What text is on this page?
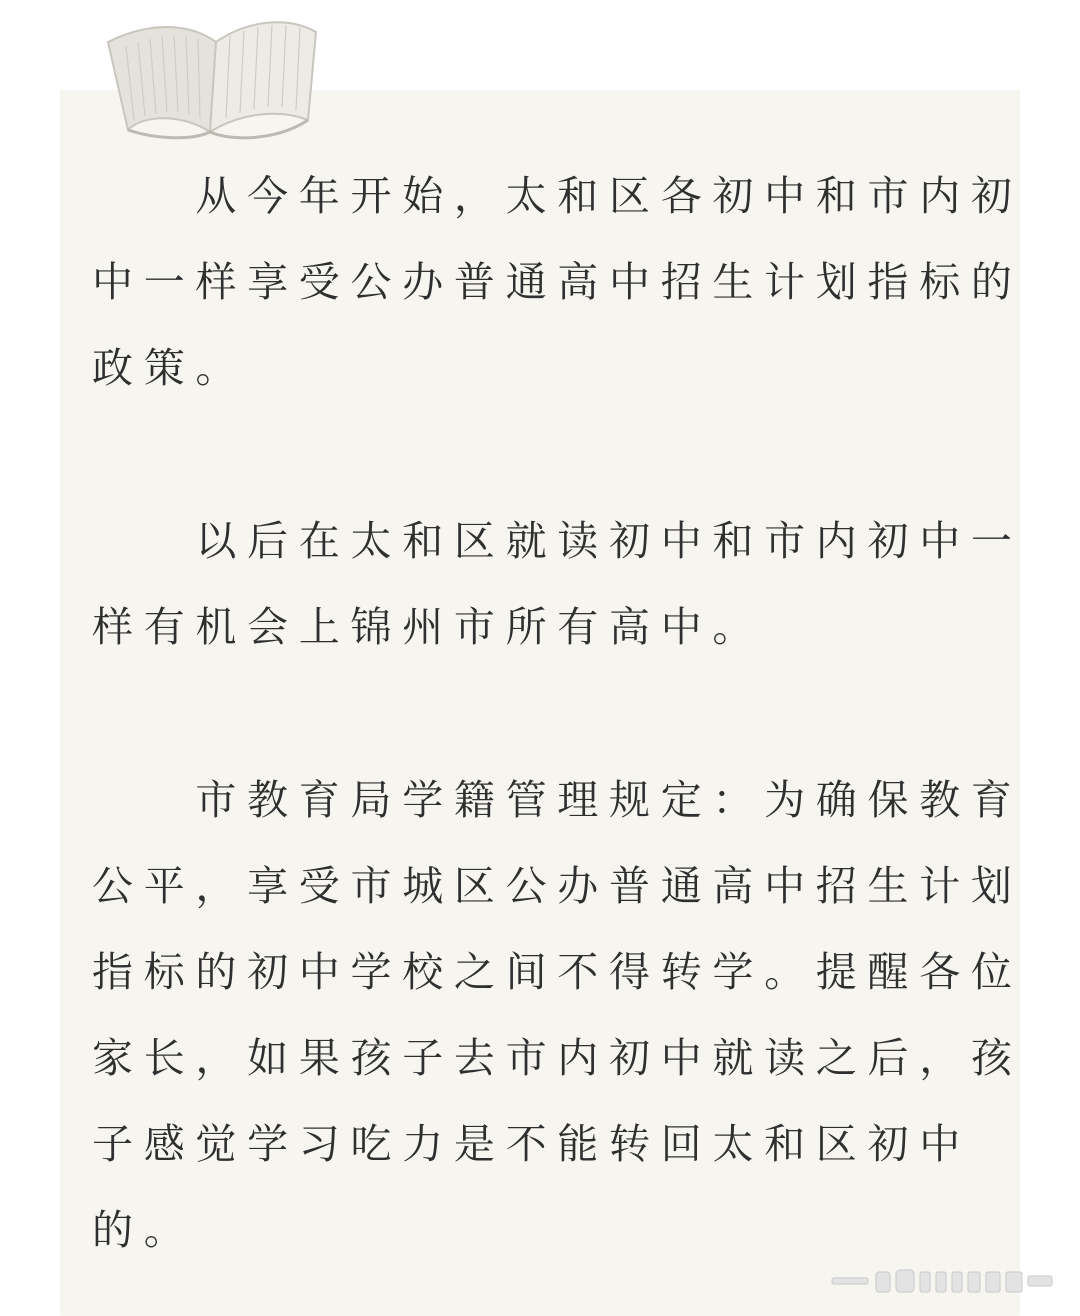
　　从今年开始，太和区各初中和市内初
中一样享受公办普通高中招生计划指标的
政策。
　　以后在太和区就读初中和市内初中一
样有机会上锦州市所有高中。
　　市教育局学籍管理规定：为确保教育
公平，享受市城区公办普通高中招生计划
指标的初中学校之间不得转学。提醒各位
家长，如果孩子去市内初中就读之后，孩
子感觉学习吃力是不能转回太和区初中
的。
